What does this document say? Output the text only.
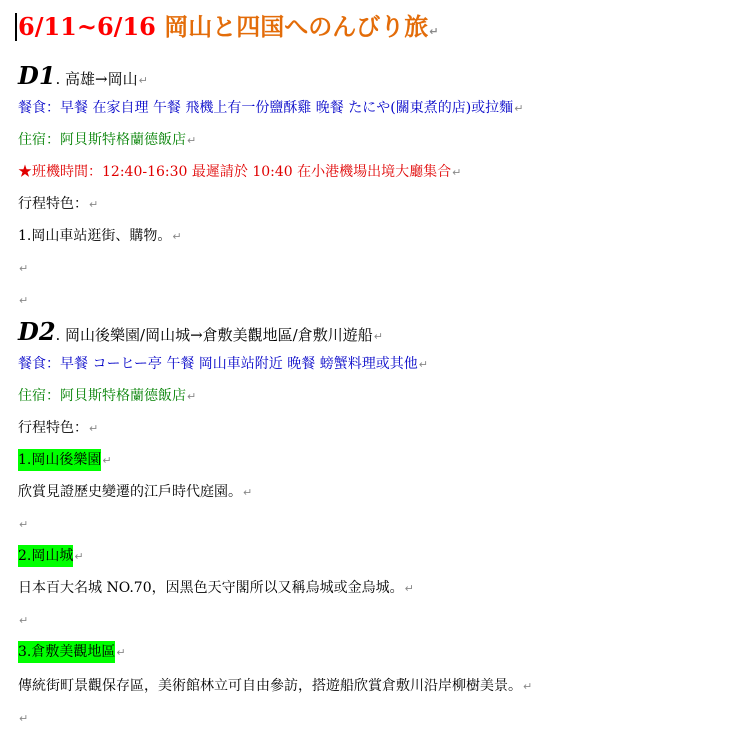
6/11~6/16 岡山と四国へのんびり旅↵
D1. 高雄→岡山↵
餐食：早餐 在家自理 午餐 飛機上有一份鹽酥雞 晚餐 たにや(關東煮的店)或拉麵↵
住宿：阿貝斯特格蘭德飯店↵
★班機時間：12:40-16:30 最遲請於 10:40 在小港機場出境大廳集合↵
行程特色：↵
1.岡山車站逛街、購物。↵
↵
↵
D2. 岡山後樂園/岡山城→倉敷美觀地區/倉敷川遊船↵
餐食：早餐 コーヒー亭 午餐 岡山車站附近 晚餐 螃蟹料理或其他↵
住宿：阿貝斯特格蘭德飯店↵
行程特色：↵
1.岡山後樂園↵
欣賞見證歷史變遷的江戶時代庭園。↵
↵
2.岡山城↵
日本百大名城 NO.70，因黑色天守閣所以又稱烏城或金烏城。↵
↵
3.倉敷美觀地區↵
傳統街町景觀保存區，美術館林立可自由參訪，搭遊船欣賞倉敷川沿岸柳樹美景。↵
↵
